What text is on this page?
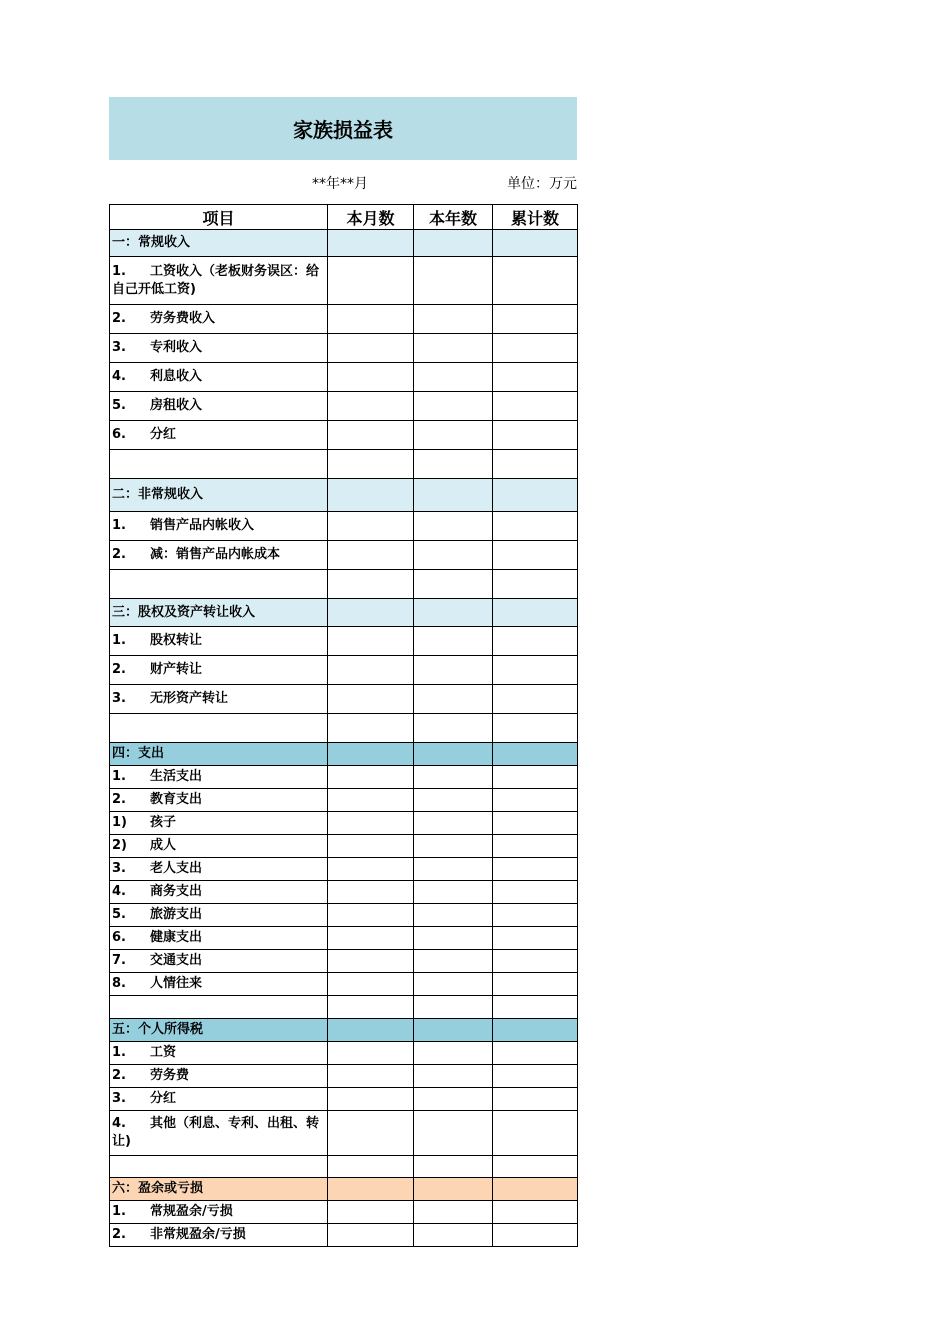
家族损益表
**年**月	单位：万元
项目	本月数	本年数	累计数
一：常规收入			
1. 工资收入（老板财务误区：给自己开低工资)			
2. 劳务费收入			
3. 专利收入			
4. 利息收入			
5. 房租收入			
6. 分红			

二：非常规收入			
1. 销售产品内帐收入			
2. 减：销售产品内帐成本			

三：股权及资产转让收入			
1. 股权转让			
2. 财产转让			
3. 无形资产转让			

四：支出			
1. 生活支出			
2. 教育支出			
1) 孩子			
2) 成人			
3. 老人支出			
4. 商务支出			
5. 旅游支出			
6. 健康支出			
7. 交通支出			
8. 人情往来			

五：个人所得税			
1. 工资			
2. 劳务费			
3. 分红			
4. 其他（利息、专利、出租、转让)			

六：盈余或亏损			
1. 常规盈余/亏损			
2. 非常规盈余/亏损			
